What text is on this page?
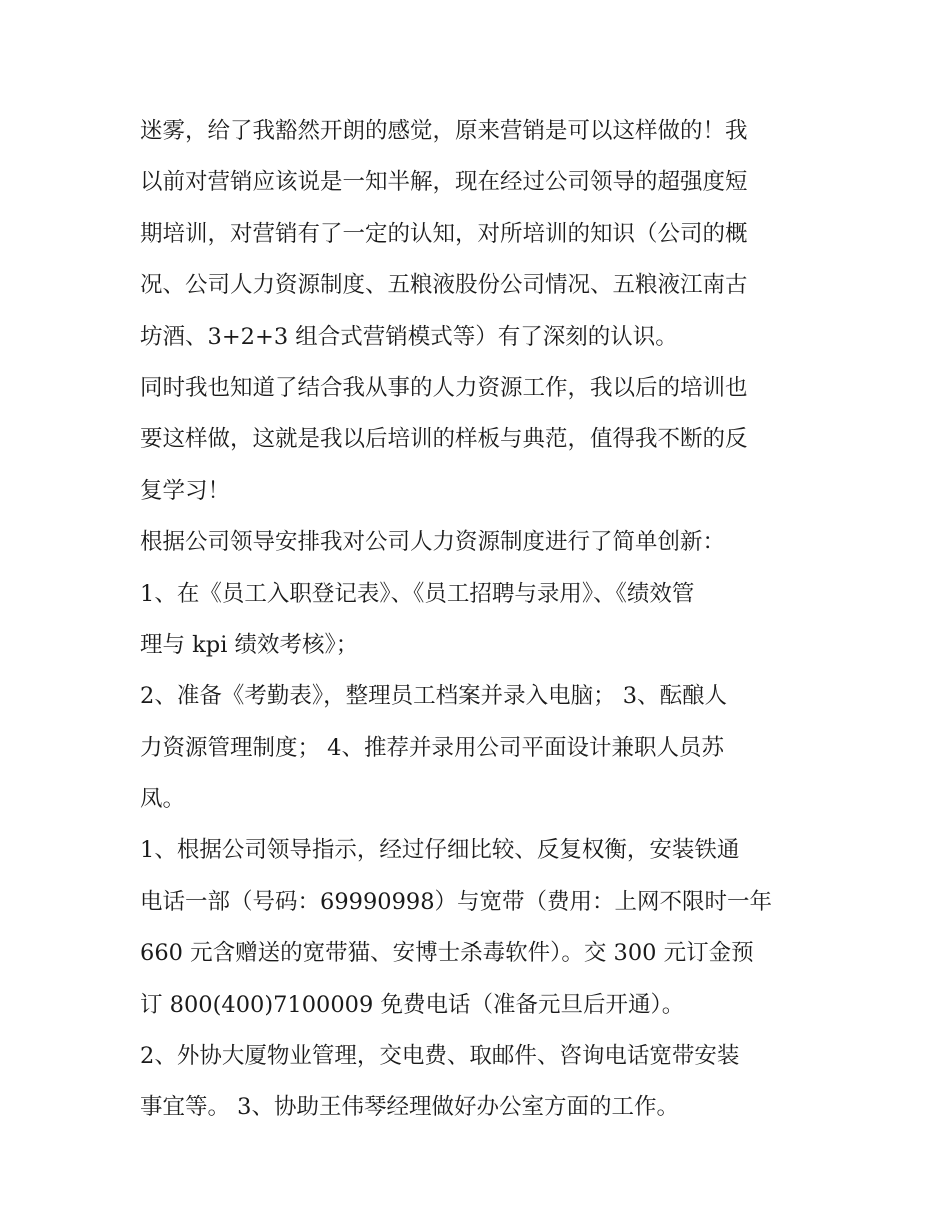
迷雾，给了我豁然开朗的感觉，原来营销是可以这样做的！我
以前对营销应该说是一知半解，现在经过公司领导的超强度短
期培训，对营销有了一定的认知，对所培训的知识（公司的概
况、公司人力资源制度、五粮液股份公司情况、五粮液江南古
坊酒、3+2+3 组合式营销模式等）有了深刻的认识。
同时我也知道了结合我从事的人力资源工作，我以后的培训也
要这样做，这就是我以后培训的样板与典范，值得我不断的反
复学习！
根据公司领导安排我对公司人力资源制度进行了简单创新：
1、在《员工入职登记表》、《员工招聘与录用》、《绩效管
理与 kpi 绩效考核》；
2、准备《考勤表》，整理员工档案并录入电脑； 3、酝酿人
力资源管理制度； 4、推荐并录用公司平面设计兼职人员苏
凤。
1、根据公司领导指示，经过仔细比较、反复权衡，安装铁通
电话一部（号码：69990998）与宽带（费用：上网不限时一年
660 元含赠送的宽带猫、安博士杀毒软件）。交 300 元订金预
订 800(400)7100009 免费电话（准备元旦后开通）。
2、外协大厦物业管理，交电费、取邮件、咨询电话宽带安装
事宜等。 3、协助王伟琴经理做好办公室方面的工作。
